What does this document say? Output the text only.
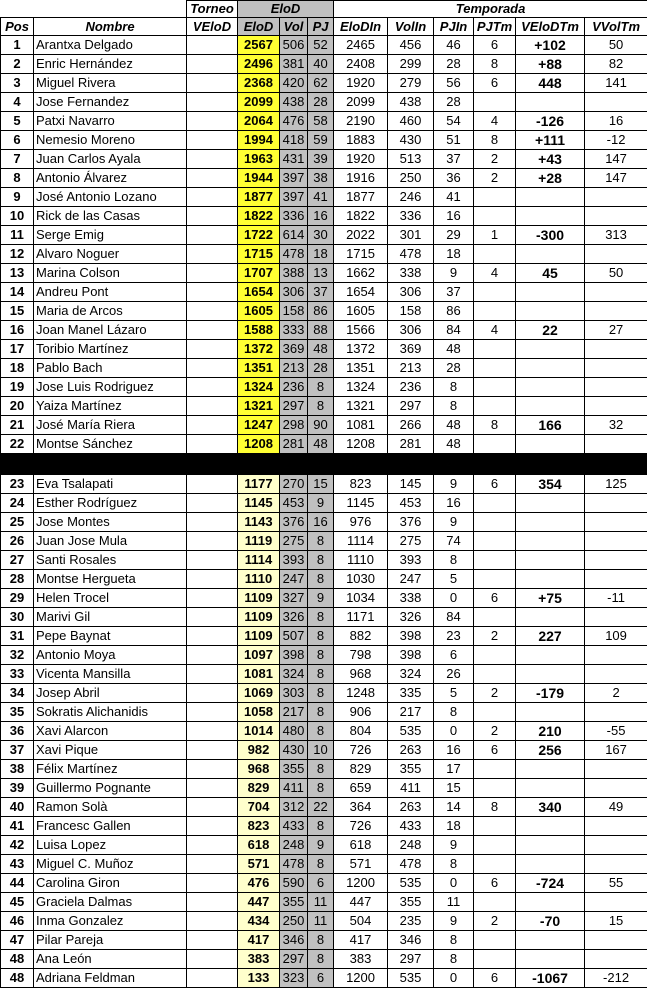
		Torneo	EloD			Temporada					
Pos	Nombre	VEloD	EloD	Vol	PJ	EloDIn	VolIn	PJIn	PJTm	VEloDTm	VVolTm
1	Arantxa Delgado		2567	506	52	2465	456	46	6	+102	50
2	Enric Hernández		2496	381	40	2408	299	28	8	+88	82
3	Miguel Rivera		2368	420	62	1920	279	56	6	448	141
4	Jose Fernandez		2099	438	28	2099	438	28			
5	Patxi Navarro		2064	476	58	2190	460	54	4	-126	16
6	Nemesio Moreno		1994	418	59	1883	430	51	8	+111	-12
7	Juan Carlos Ayala		1963	431	39	1920	513	37	2	+43	147
8	Antonio Álvarez		1944	397	38	1916	250	36	2	+28	147
9	José Antonio Lozano		1877	397	41	1877	246	41			
10	Rick de las Casas		1822	336	16	1822	336	16			
11	Serge Emig		1722	614	30	2022	301	29	1	-300	313
12	Alvaro Noguer		1715	478	18	1715	478	18			
13	Marina Colson		1707	388	13	1662	338	9	4	45	50
14	Andreu Pont		1654	306	37	1654	306	37			
15	Maria de Arcos		1605	158	86	1605	158	86			
16	Joan Manel Lázaro		1588	333	88	1566	306	84	4	22	27
17	Toribio Martínez		1372	369	48	1372	369	48			
18	Pablo Bach		1351	213	28	1351	213	28			
19	Jose Luis Rodriguez		1324	236	8	1324	236	8			
20	Yaiza Martínez		1321	297	8	1321	297	8			
21	José María Riera		1247	298	90	1081	266	48	8	166	32
22	Montse Sánchez		1208	281	48	1208	281	48			

23	Eva Tsalapati		1177	270	15	823	145	9	6	354	125
24	Esther Rodríguez		1145	453	9	1145	453	16			
25	Jose Montes		1143	376	16	976	376	9			
26	Juan Jose Mula		1119	275	8	1114	275	74			
27	Santi Rosales		1114	393	8	1110	393	8			
28	Montse Hergueta		1110	247	8	1030	247	5			
29	Helen Trocel		1109	327	9	1034	338	0	6	+75	-11
30	Marivi Gil		1109	326	8	1171	326	84			
31	Pepe Baynat		1109	507	8	882	398	23	2	227	109
32	Antonio Moya		1097	398	8	798	398	6			
33	Vicenta Mansilla		1081	324	8	968	324	26			
34	Josep Abril		1069	303	8	1248	335	5	2	-179	2
35	Sokratis Alichanidis		1058	217	8	906	217	8			
36	Xavi Alarcon		1014	480	8	804	535	0	2	210	-55
37	Xavi Pique		982	430	10	726	263	16	6	256	167
38	Félix Martínez		968	355	8	829	355	17			
39	Guillermo Pognante		829	411	8	659	411	15			
40	Ramon Solà		704	312	22	364	263	14	8	340	49
41	Francesc Gallen		823	433	8	726	433	18			
42	Luisa Lopez		618	248	9	618	248	9			
43	Miguel C. Muñoz		571	478	8	571	478	8			
44	Carolina Giron		476	590	6	1200	535	0	6	-724	55
45	Graciela Dalmas		447	355	11	447	355	11			
46	Inma Gonzalez		434	250	11	504	235	9	2	-70	15
47	Pilar Pareja		417	346	8	417	346	8			
48	Ana León		383	297	8	383	297	8			
48	Adriana Feldman		133	323	6	1200	535	0	6	-1067	-212
